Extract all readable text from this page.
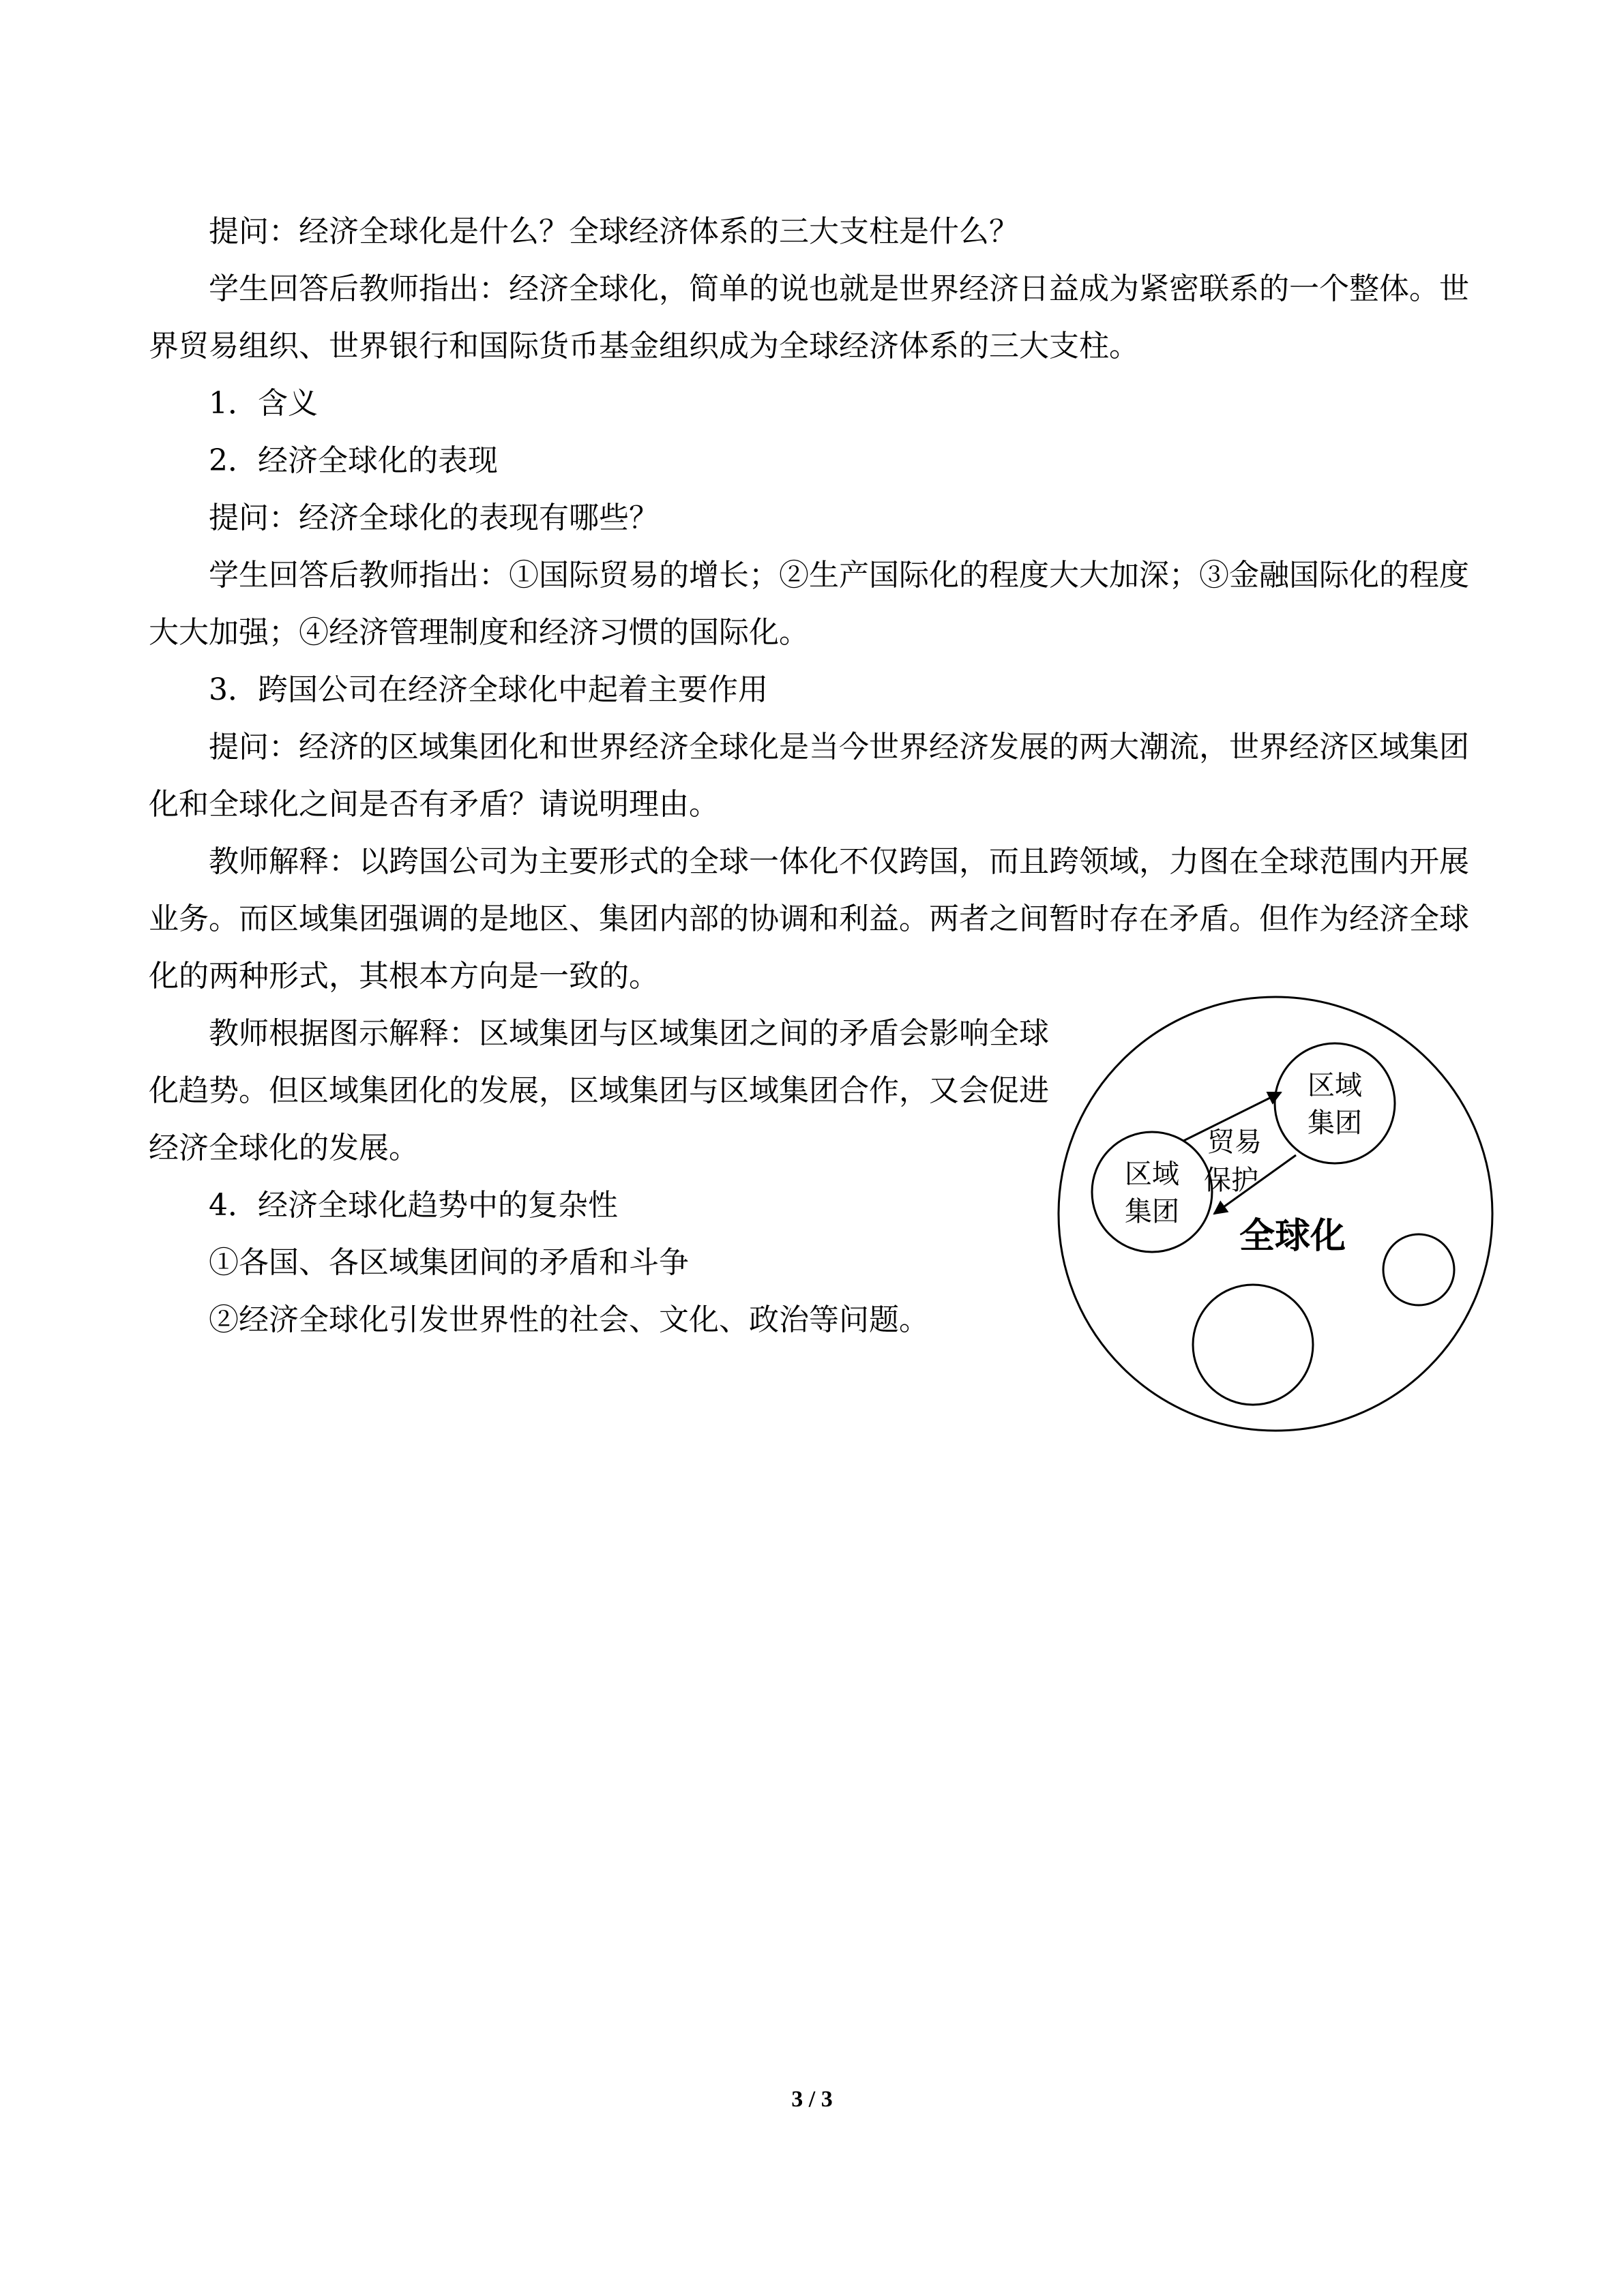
提问：经济全球化是什么？全球经济体系的三大支柱是什么？

学生回答后教师指出：经济全球化，简单的说也就是世界经济日益成为紧密联系的一个整体。世界贸易组织、世界银行和国际货币基金组织成为全球经济体系的三大支柱。

1．含义

2．经济全球化的表现

提问：经济全球化的表现有哪些？

学生回答后教师指出：①国际贸易的增长；②生产国际化的程度大大加深；③金融国际化的程度大大加强；④经济管理制度和经济习惯的国际化。

3．跨国公司在经济全球化中起着主要作用

提问：经济的区域集团化和世界经济全球化是当今世界经济发展的两大潮流，世界经济区域集团化和全球化之间是否有矛盾？请说明理由。

教师解释：以跨国公司为主要形式的全球一体化不仅跨国，而且跨领域，力图在全球范围内开展业务。而区域集团强调的是地区、集团内部的协调和利益。两者之间暂时存在矛盾。但作为经济全球化的两种形式，其根本方向是一致的。

教师根据图示解释：区域集团与区域集团之间的矛盾会影响全球化趋势。但区域集团化的发展，区域集团与区域集团合作，又会促进经济全球化的发展。

4．经济全球化趋势中的复杂性

①各国、各区域集团间的矛盾和斗争

②经济全球化引发世界性的社会、文化、政治等问题。

区域
集团
区域
集团
贸易
保护
全球化
3 / 3
